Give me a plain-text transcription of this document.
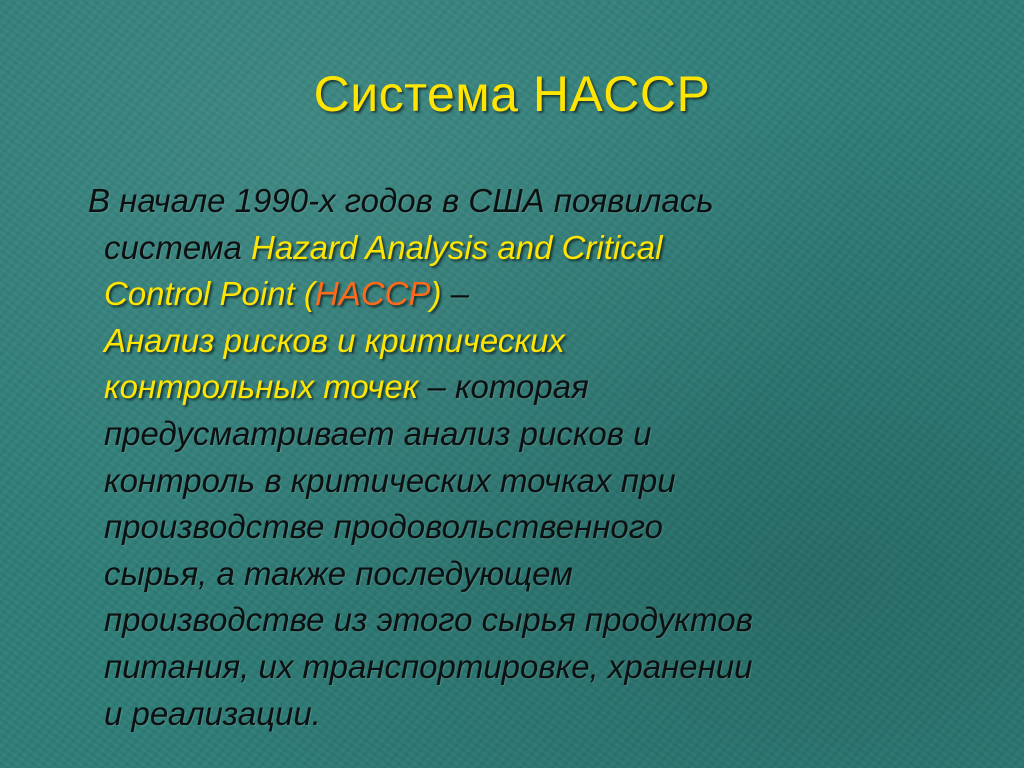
Система HACCP
В начале 1990-х годов в США появилась
система Hazard Analysis and Critical
Control Point (HACCP) –
Анализ рисков и критических
контрольных точек – которая
предусматривает анализ рисков и
контроль в критических точках при
производстве продовольственного
сырья, а также последующем
производстве из этого сырья продуктов
питания, их транспортировке, хранении
и реализации.
